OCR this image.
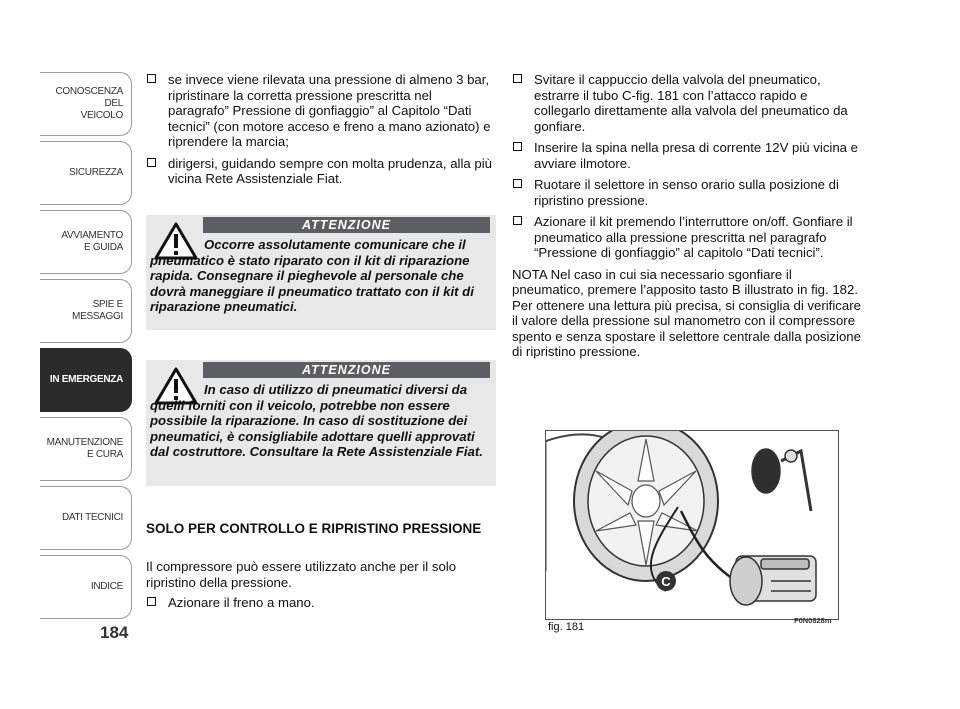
CONOSCENZA
DEL
VEICOLO
SICUREZZA
AVVIAMENTO
E GUIDA
SPIE E
MESSAGGI
IN EMERGENZA
MANUTENZIONE
E CURA
DATI TECNICI
INDICE
184
se invece viene rilevata una pressione di almeno 3 bar, ripristinare la corretta pressione prescritta nel paragrafo” Pressione di gonfiaggio” al Capitolo “Dati tecnici” (con motore acceso e freno a mano azionato) e riprendere la marcia;
dirigersi, guidando sempre con molta prudenza, alla più vicina Rete Assistenziale Fiat.
ATTENZIONE
Occorre assolutamente comunicare che il pneumatico è stato riparato con il kit di riparazione rapida. Consegnare il pieghevole al personale che dovrà maneggiare il pneumatico trattato con il kit di riparazione pneumatici.
ATTENZIONE
In caso di utilizzo di pneumatici diversi da quelli forniti con il veicolo, potrebbe non essere possibile la riparazione. In caso di sostituzione dei pneumatici, è consigliabile adottare quelli approvati dal costruttore. Consultare la Rete Assistenziale Fiat.
SOLO PER CONTROLLO E RIPRISTINO PRESSIONE

Il compressore può essere utilizzato anche per il solo ripristino della pressione.

Azionare il freno a mano.
Svitare il cappuccio della valvola del pneumatico, estrarre il tubo C-fig. 181 con l’attacco rapido e collegarlo direttamente alla valvola del pneumatico da gonfiare.
Inserire la spina nella presa di corrente 12V più vicina e avviare ilmotore.
Ruotare il selettore in senso orario sulla posizione di ripristino pressione.
Azionare il kit premendo l’interruttore on/off. Gonfiare il pneumatico alla pressione prescritta nel paragrafo “Pressione di gonfiaggio” al capitolo “Dati tecnici”.

NOTA Nel caso in cui sia necessario sgonfiare il pneumatico, premere l’apposito tasto B illustrato in fig. 182. Per ottenere una lettura più precisa, si consiglia di verificare il valore della pressione sul manometro con il compressore spento e senza spostare il selettore centrale dalla posizione di ripristino pressione.

C
fig. 181
F0N0828m
